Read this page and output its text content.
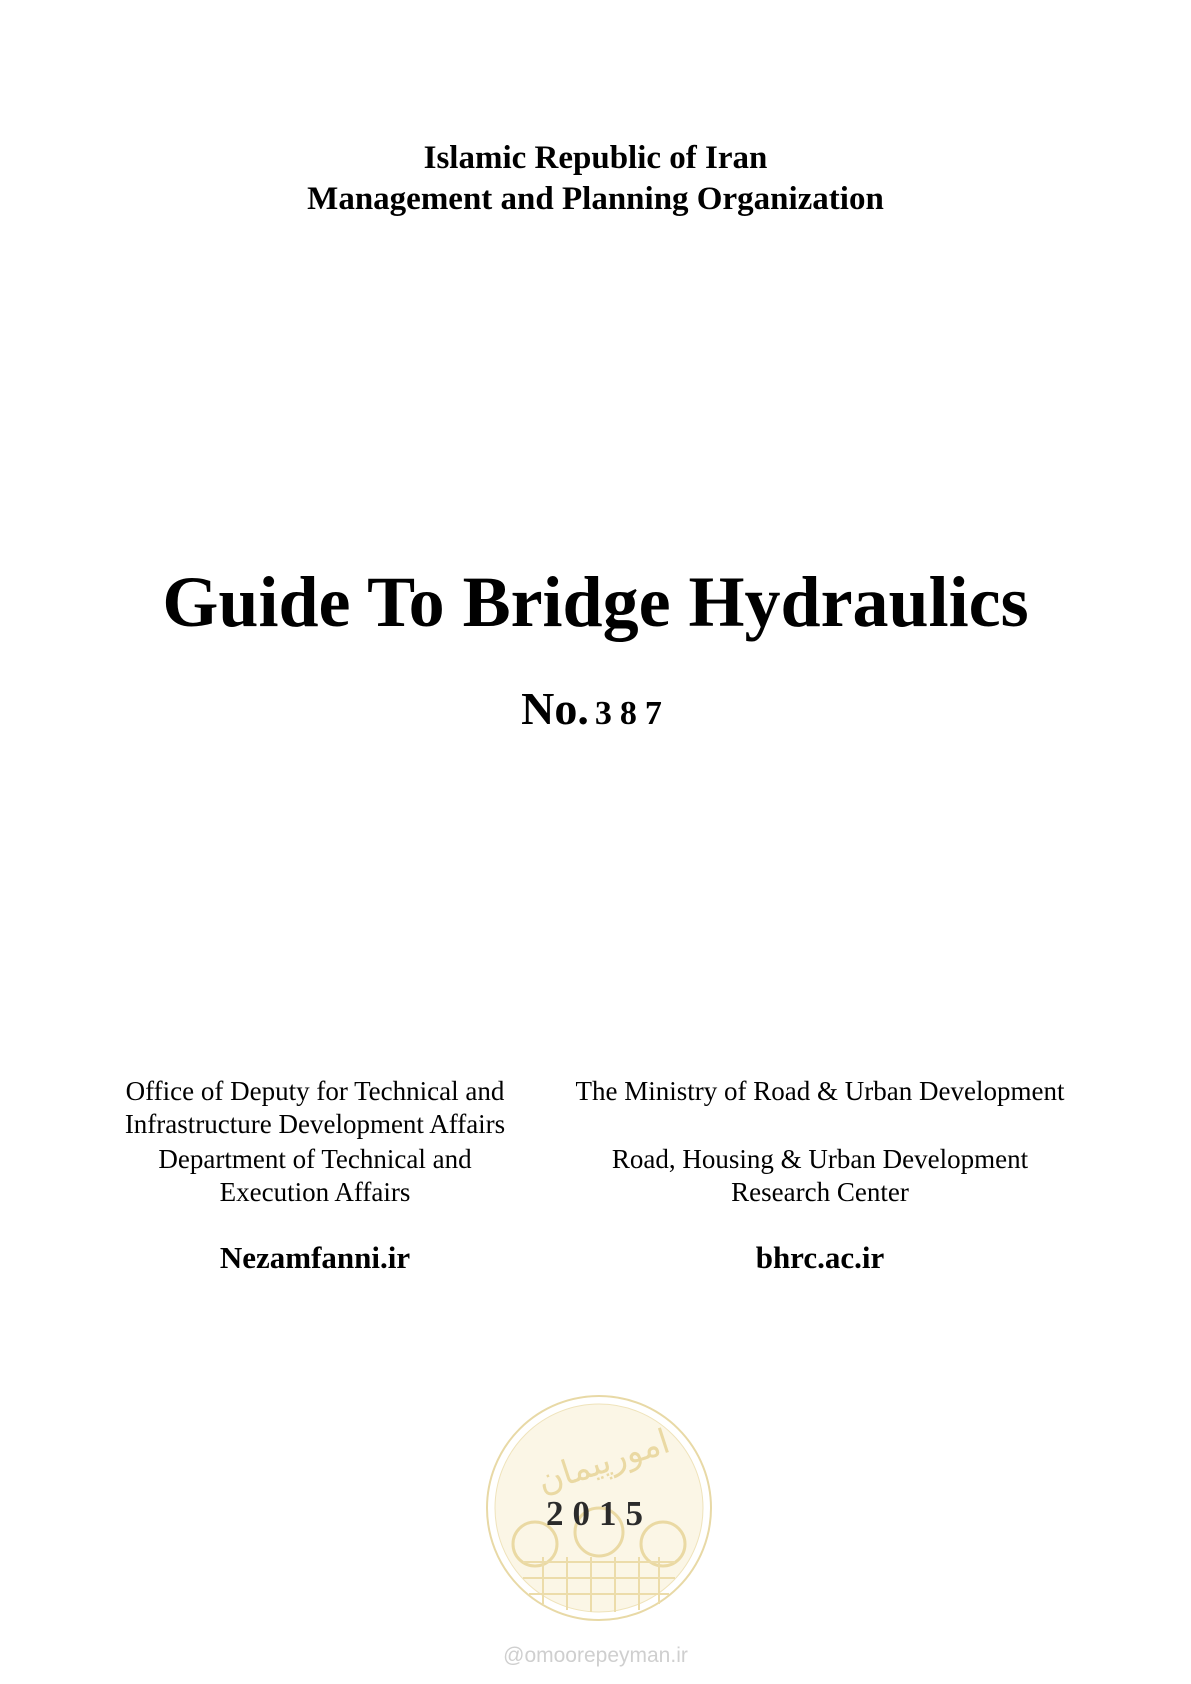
Islamic Republic of Iran
Management and Planning Organization
Guide To Bridge Hydraulics
No. 387
Office of Deputy for Technical and
Infrastructure Development Affairs
Department of Technical and
Execution Affairs
The Ministry of Road & Urban Development
Road, Housing & Urban Development
Research Center
Nezamfanni.ir	bhrc.ac.ir
امورپیمان
2015
@omoorepeyman.ir
